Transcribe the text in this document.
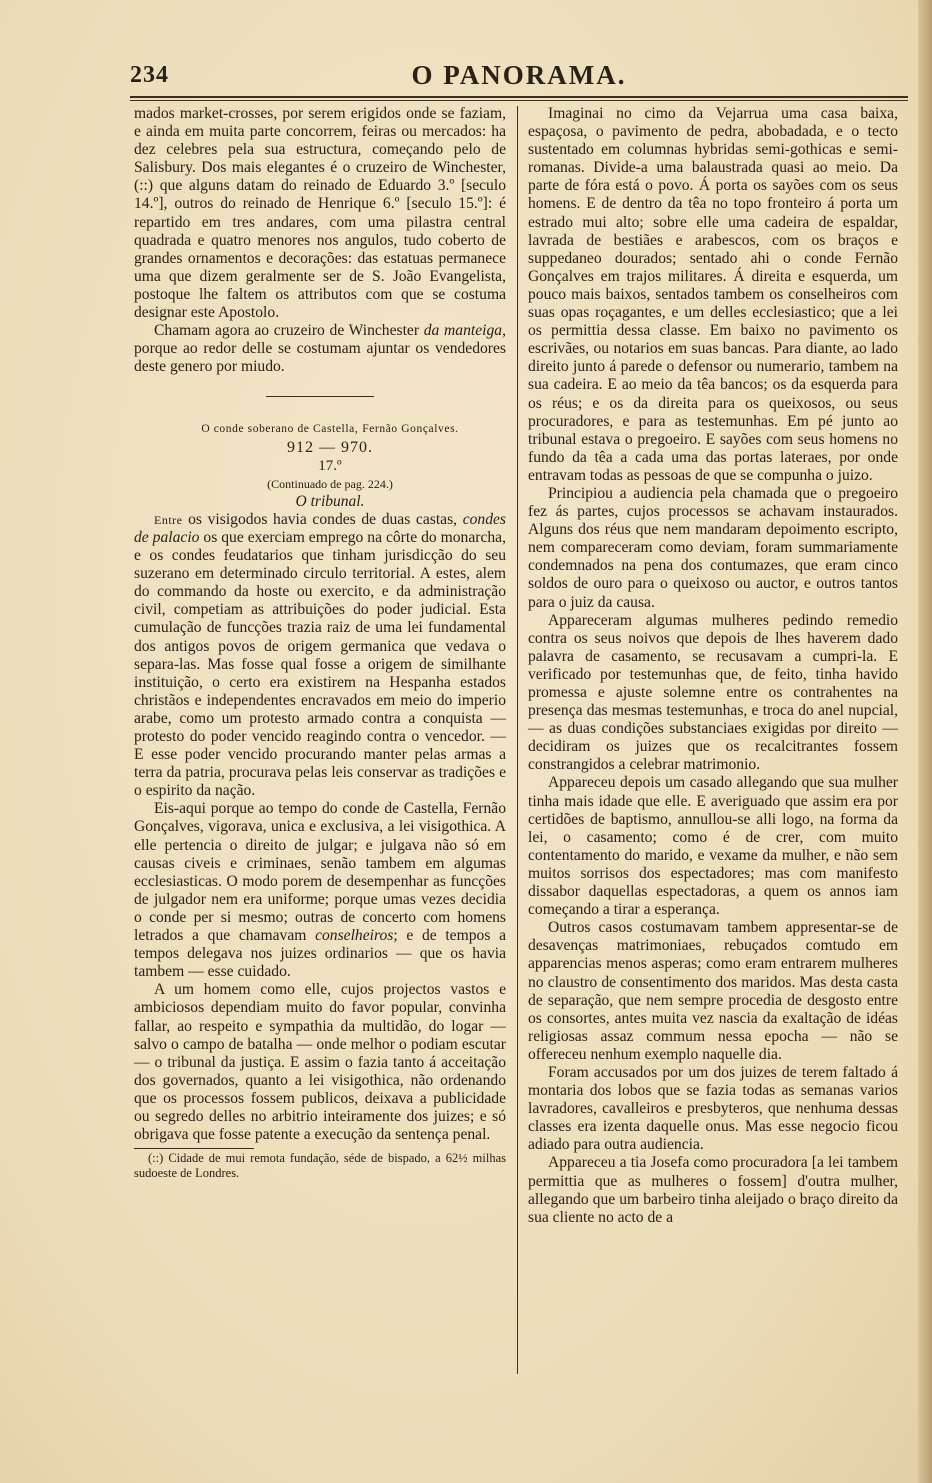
234	O PANORAMA.

mados market-crosses, por serem erigidos onde se faziam, e ainda em muita parte concorrem, feiras ou mercados: ha dez celebres pela sua estructura, começando pelo de Salisbury. Dos mais elegantes é o cruzeiro de Winchester, (::) que alguns datam do reinado de Eduardo 3.º [seculo 14.º], outros do reinado de Henrique 6.º [seculo 15.º]: é repartido em tres andares, com uma pilastra central quadrada e quatro menores nos angulos, tudo coberto de grandes ornamentos e decorações: das estatuas permanece uma que dizem geralmente ser de S. João Evangelista, postoque lhe faltem os attributos com que se costuma designar este Apostolo.

Chamam agora ao cruzeiro de Winchester da manteiga, porque ao redor delle se costumam ajuntar os vendedores deste genero por miudo.

O conde soberano de Castella, Fernão Gonçalves.

912 — 970.

17.º

(Continuado de pag. 224.)

O tribunal.

Entre os visigodos havia condes de duas castas, condes de palacio os que exerciam emprego na côrte do monarcha, e os condes feudatarios que tinham jurisdicção do seu suzerano em determinado circulo territorial. A estes, alem do commando da hoste ou exercito, e da administração civil, competiam as attribuições do poder judicial. Esta cumulação de funcções trazia raiz de uma lei fundamental dos antigos povos de origem germanica que vedava o separa-las. Mas fosse qual fosse a origem de similhante instituição, o certo era existirem na Hespanha estados christãos e independentes encravados em meio do imperio arabe, como um protesto armado contra a conquista — protesto do poder vencido reagindo contra o vencedor. — E esse poder vencido procurando manter pelas armas a terra da patria, procurava pelas leis conservar as tradições e o espirito da nação.

Eis-aqui porque ao tempo do conde de Castella, Fernão Gonçalves, vigorava, unica e exclusiva, a lei visigothica. A elle pertencia o direito de julgar; e julgava não só em causas civeis e criminaes, senão tambem em algumas ecclesiasticas. O modo porem de desempenhar as funcções de julgador nem era uniforme; porque umas vezes decidia o conde per si mesmo; outras de concerto com homens letrados a que chamavam conselheiros; e de tempos a tempos delegava nos juizes ordinarios — que os havia tambem — esse cuidado.

A um homem como elle, cujos projectos vastos e ambiciosos dependiam muito do favor popular, convinha fallar, ao respeito e sympathia da multidão, do logar — salvo o campo de batalha — onde melhor o podiam escutar — o tribunal da justiça. E assim o fazia tanto á acceitação dos governados, quanto a lei visigothica, não ordenando que os processos fossem publicos, deixava a publicidade ou segredo delles no arbitrio inteiramente dos juizes; e só obrigava que fosse patente a execução da sentença penal.

(::) Cidade de mui remota fundação, séde de bispado, a 62½ milhas sudoeste de Londres.

Imaginai no cimo da Vejarrua uma casa baixa, espaçosa, o pavimento de pedra, abobadada, e o tecto sustentado em columnas hybridas semi-gothicas e semi-romanas. Divide-a uma balaustrada quasi ao meio. Da parte de fóra está o povo. Á porta os sayões com os seus homens. E de dentro da têa no topo fronteiro á porta um estrado mui alto; sobre elle uma cadeira de espaldar, lavrada de bestiães e arabescos, com os braços e suppedaneo dourados; sentado ahi o conde Fernão Gonçalves em trajos militares. Á direita e esquerda, um pouco mais baixos, sentados tambem os conselheiros com suas opas roçagantes, e um delles ecclesiastico; que a lei os permittia dessa classe. Em baixo no pavimento os escrivães, ou notarios em suas bancas. Para diante, ao lado direito junto á parede o defensor ou numerario, tambem na sua cadeira. E ao meio da têa bancos; os da esquerda para os réus; e os da direita para os queixosos, ou seus procuradores, e para as testemunhas. Em pé junto ao tribunal estava o pregoeiro. E sayões com seus homens no fundo da têa a cada uma das portas lateraes, por onde entravam todas as pessoas de que se compunha o juizo.

Principiou a audiencia pela chamada que o pregoeiro fez ás partes, cujos processos se achavam instaurados. Alguns dos réus que nem mandaram depoimento escripto, nem compareceram como deviam, foram summariamente condemnados na pena dos contumazes, que eram cinco soldos de ouro para o queixoso ou auctor, e outros tantos para o juiz da causa.

Appareceram algumas mulheres pedindo remedio contra os seus noivos que depois de lhes haverem dado palavra de casamento, se recusavam a cumpri-la. E verificado por testemunhas que, de feito, tinha havido promessa e ajuste solemne entre os contrahentes na presença das mesmas testemunhas, e troca do anel nupcial, — as duas condições substanciaes exigidas por direito — decidiram os juizes que os recalcitrantes fossem constrangidos a celebrar matrimonio.

Appareceu depois um casado allegando que sua mulher tinha mais idade que elle. E averiguado que assim era por certidões de baptismo, annullou-se alli logo, na forma da lei, o casamento; como é de crer, com muito contentamento do marido, e vexame da mulher, e não sem muitos sorrisos dos espectadores; mas com manifesto dissabor daquellas espectadoras, a quem os annos iam começando a tirar a esperança.

Outros casos costumavam tambem appresentar-se de desavenças matrimoniaes, rebuçados comtudo em apparencias menos asperas; como eram entrarem mulheres no claustro de consentimento dos maridos. Mas desta casta de separação, que nem sempre procedia de desgosto entre os consortes, antes muita vez nascia da exaltação de idéas religiosas assaz commum nessa epocha — não se offereceu nenhum exemplo naquelle dia.

Foram accusados por um dos juizes de terem faltado á montaria dos lobos que se fazia todas as semanas varios lavradores, cavalleiros e presbyteros, que nenhuma dessas classes era izenta daquelle onus. Mas esse negocio ficou adiado para outra audiencia.

Appareceu a tia Josefa como procuradora [a lei tambem permittia que as mulheres o fossem] d'outra mulher, allegando que um barbeiro tinha aleijado o braço direito da sua cliente no acto de a
